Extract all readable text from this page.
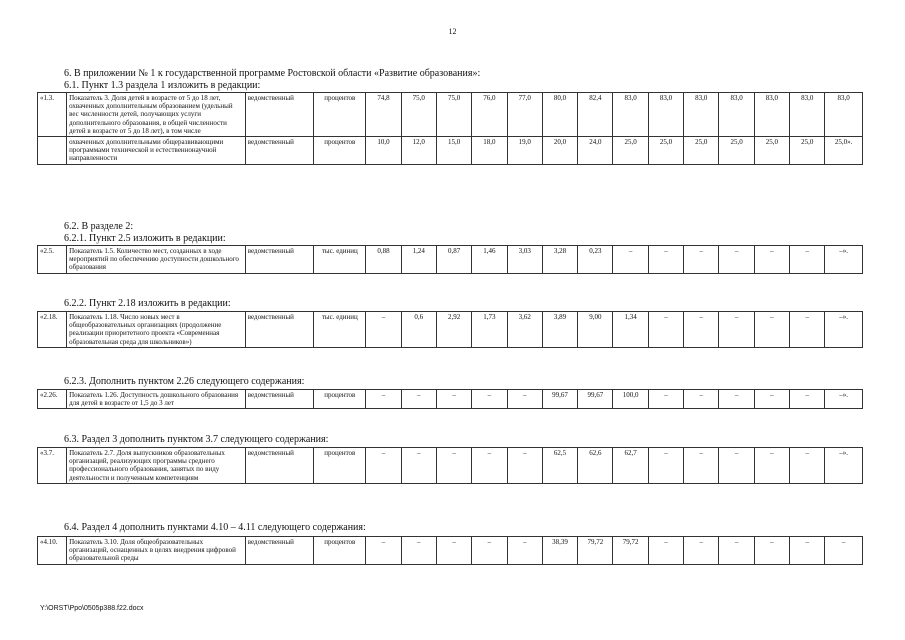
12
6. В приложении № 1 к государственной программе Ростовской области «Развитие образования»:
6.1. Пункт 1.3 раздела 1 изложить в редакции:
«1.3.	Показатель 3. Доля детей в возрасте от 5 до 18 лет, охваченных дополнительным образованием (удельный вес численности детей, получающих услуги дополнительного образования, в общей численности детей в возрасте от 5 до 18 лет), в том числе	ведомственный	процентов	74,8	75,0	75,0	76,0	77,0	80,0	82,4	83,0	83,0	83,0	83,0	83,0	83,0	83,0
	охваченных дополнительными общеразвивающими программами технической и естественнонаучной направленности	ведомственный	процентов	10,0	12,0	15,0	18,0	19,0	20,0	24,0	25,0	25,0	25,0	25,0	25,0	25,0	25,0».
6.2. В разделе 2:
6.2.1. Пункт 2.5 изложить в редакции:
«2.5.	Показатель 1.5. Количество мест, созданных в ходе мероприятий по обеспечению доступности дошкольного образования	ведомственный	тыс. единиц	0,88	1,24	0,87	1,46	3,03	3,28	0,23	–	–	–	–	–	–	–».
6.2.2. Пункт 2.18 изложить в редакции:
«2.18.	Показатель 1.18. Число новых мест в общеобразовательных организациях (продолжение реализации приоритетного проекта «Современная образовательная среда для школьников»)	ведомственный	тыс. единиц	–	0,6	2,92	1,73	3,62	3,89	9,00	1,34	–	–	–	–	–	–».
6.2.3. Дополнить пунктом 2.26 следующего содержания:
«2.26.	Показатель 1.26. Доступность дошкольного образования для детей в возрасте от 1,5 до 3 лет	ведомственный	процентов	–	–	–	–	–	99,67	99,67	100,0	–	–	–	–	–	–».
6.3. Раздел 3 дополнить пунктом 3.7 следующего содержания:
«3.7.	Показатель 2.7. Доля выпускников образовательных организаций, реализующих программы среднего профессионального образования, занятых по виду деятельности и полученным компетенциям	ведомственный	процентов	–	–	–	–	–	62,5	62,6	62,7	–	–	–	–	–	–».
6.4. Раздел 4 дополнить пунктами 4.10 – 4.11 следующего содержания:
«4.10.	Показатель 3.10. Доля общеобразовательных организаций, оснащенных в целях внедрения цифровой образовательной среды	ведомственный	процентов	–	–	–	–	–	38,39	79,72	79,72	–	–	–	–	–	–
Y:\ORST\Ppo\0505p388.f22.docx
